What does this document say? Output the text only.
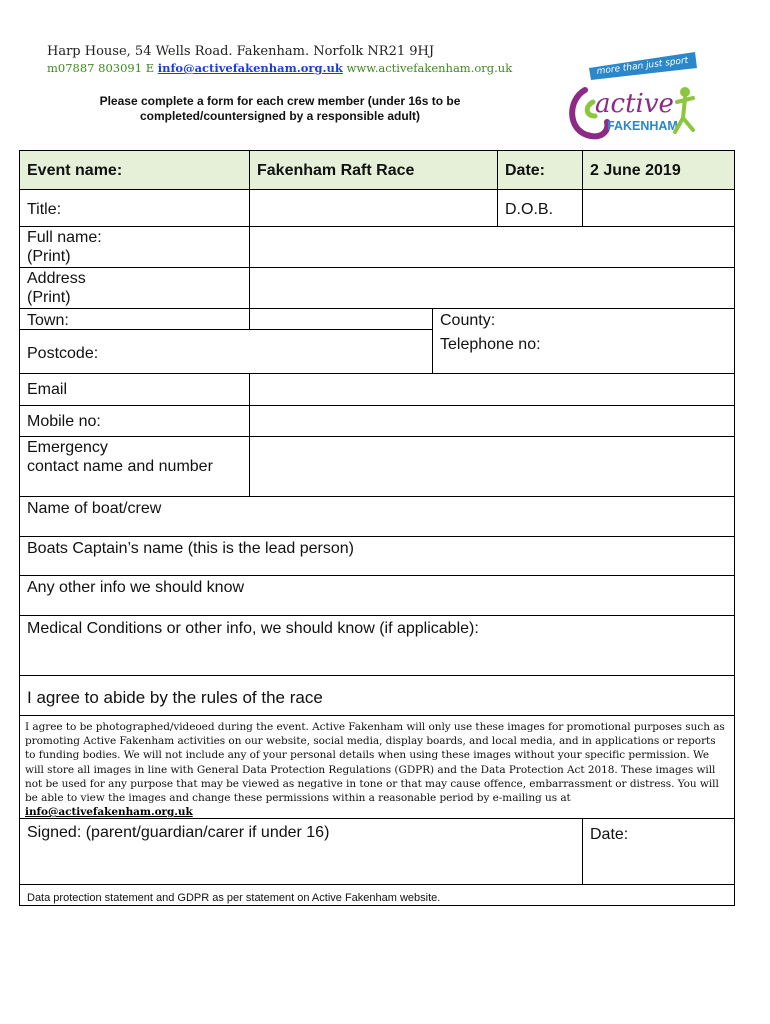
Harp House, 54 Wells Road. Fakenham. Norfolk NR21 9HJ
m07887 803091 E info@activefakenham.org.uk www.activefakenham.org.uk
Please complete a form for each crew member (under 16s to be completed/countersigned by a responsible adult)
more than just sport
active
FAKENHAM
Event name:	Fakenham Raft Race	Date:	2 June 2019
Title:	D.O.B.
Full name:
(Print)
Address
(Print)
Town:	County:
Postcode:
Telephone no:
Email
Mobile no:
Emergency
contact name and number
Name of boat/crew
Boats Captain’s name (this is the lead person)
Any other info we should know
Medical Conditions or other info, we should know (if applicable):
I agree to abide by the rules of the race
I agree to be photographed/videoed during the event. Active Fakenham will only use these images for promotional purposes such as promoting Active Fakenham activities on our website, social media, display boards, and local media, and in applications or reports to funding bodies. We will not include any of your personal details when using these images without your specific permission. We will store all images in line with General Data Protection Regulations (GDPR) and the Data Protection Act 2018. These images will not be used for any purpose that may be viewed as negative in tone or that may cause offence, embarrassment or distress. You will be able to view the images and change these permissions within a reasonable period by e-mailing us at info@activefakenham.org.uk
Signed: (parent/guardian/carer if under 16)	Date:
Data protection statement and GDPR as per statement on Active Fakenham website.
